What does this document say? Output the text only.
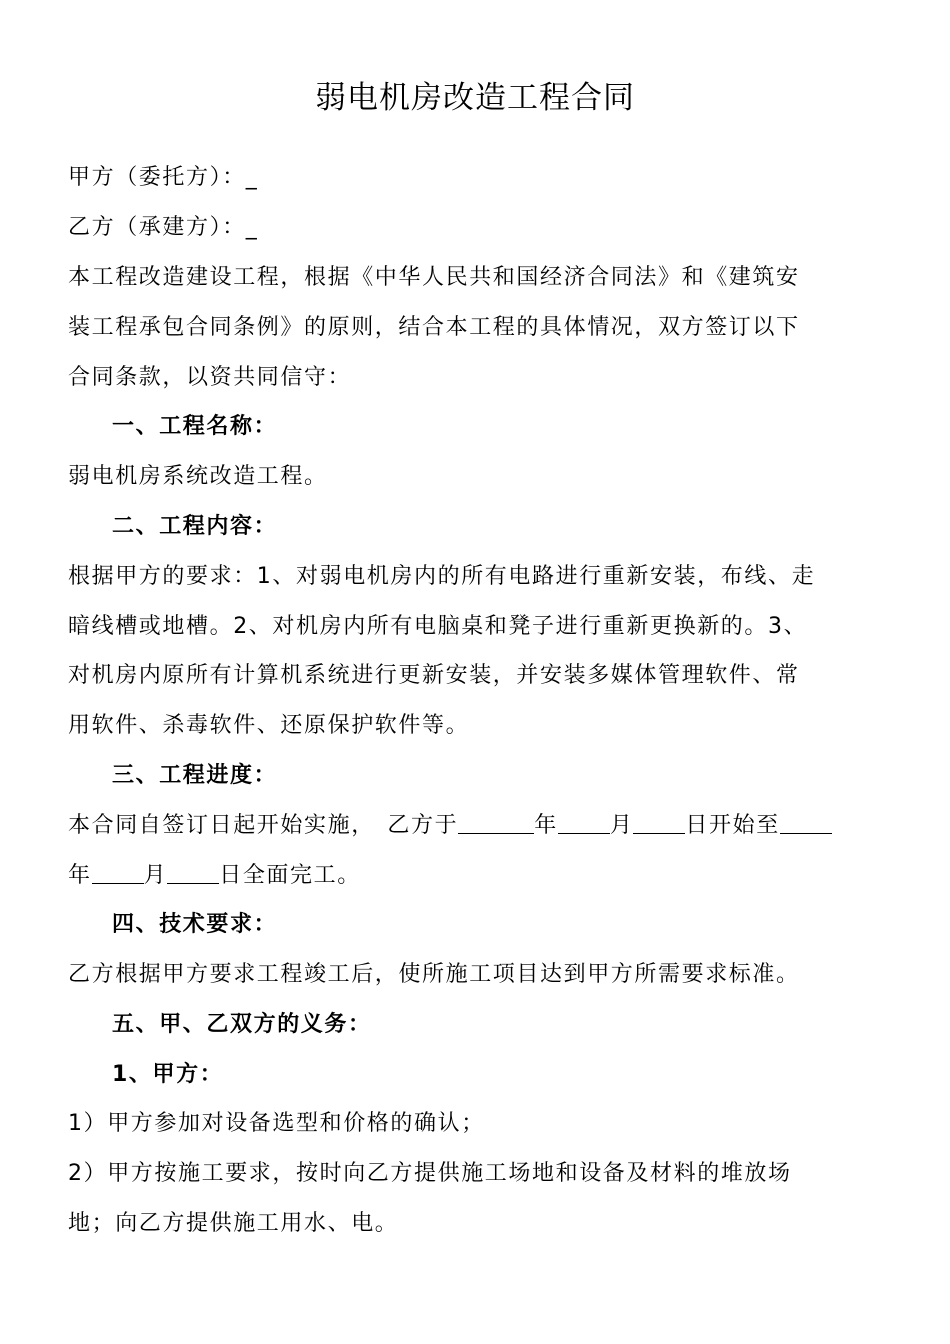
弱电机房改造工程合同
甲方（委托方）：_
乙方（承建方）：_
本工程改造建设工程，根据《中华人民共和国经济合同法》和《建筑安
装工程承包合同条例》的原则，结合本工程的具体情况，双方签订以下
合同条款，以资共同信守：
一、工程名称：
弱电机房系统改造工程。
二、工程内容：
根据甲方的要求：1、对弱电机房内的所有电路进行重新安装，布线、走
暗线槽或地槽。2、对机房内所有电脑桌和凳子进行重新更换新的。3、
对机房内原所有计算机系统进行更新安装，并安装多媒体管理软件、常
用软件、杀毒软件、还原保护软件等。
三、工程进度：
本合同自签订日起开始实施，　乙方于	年 月 日开始至
年 月 日全面完工。
四、技术要求：
乙方根据甲方要求工程竣工后，使所施工项目达到甲方所需要求标准。
五、甲、乙双方的义务：
1、甲方：
1）甲方参加对设备选型和价格的确认；
2）甲方按施工要求，按时向乙方提供施工场地和设备及材料的堆放场
地；向乙方提供施工用水、电。
